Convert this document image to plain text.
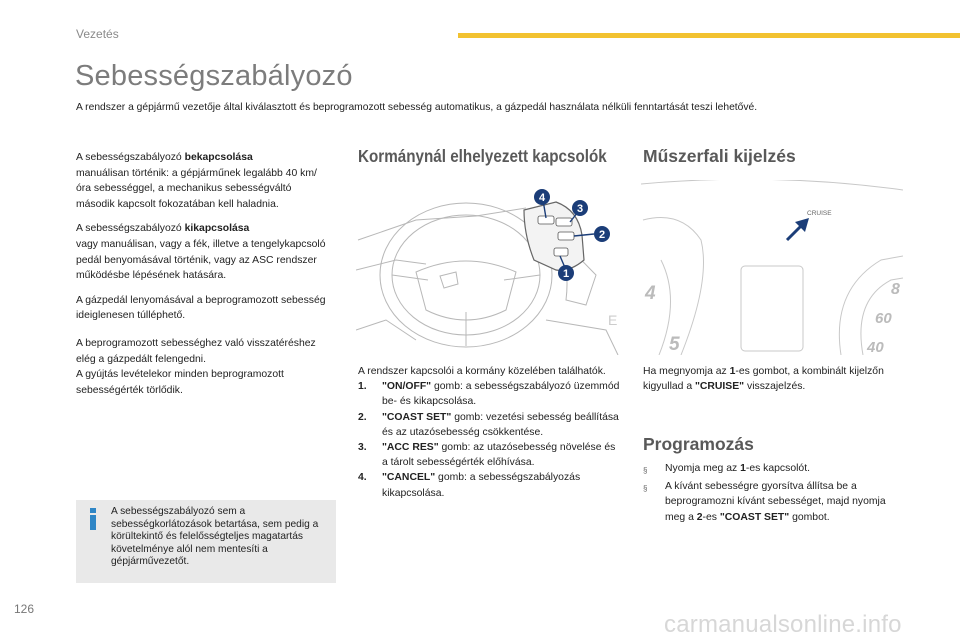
Vezetés
Sebességszabályozó

A rendszer a gépjármű vezetője által kiválasztott és beprogramozott sebesség automatikus, a gázpedál használata nélküli fenntartását teszi lehetővé.

A sebességszabályozó bekapcsolása
manuálisan történik: a gépjárműnek legalább 40 km/óra sebességgel, a mechanikus sebességváltó második kapcsolt fokozatában kell haladnia.

A sebességszabályozó kikapcsolása
vagy manuálisan, vagy a fék, illetve a tengelykapcsoló pedál benyomásával történik, vagy az ASC rendszer működésbe lépésének hatására.

A gázpedál lenyomásával a beprogramozott sebesség ideiglenesen túlléphető.

A beprogramozott sebességhez való visszatéréshez elég a gázpedált felengedni.
A gyújtás levételekor minden beprogramozott sebességérték törlődik.

A sebességszabályozó sem a sebességkorlátozások betartása, sem pedig a körültekintő és felelősségteljes magatartás követelménye alól nem mentesíti a gépjárművezetőt.

Kormánynál elhelyezett kapcsolók Műszerfali kijelzés
E
4
3
2
1
4
5
8
60
40
CRUISE

A rendszer kapcsolói a kormány közelében találhatók.

1.	"ON/OFF" gomb: a sebességszabályozó üzemmód be- és kikapcsolása.
2.	"COAST SET" gomb: vezetési sebesség beállítása és az utazósebesség csökkentése.
3.	"ACC RES" gomb: az utazósebesség növelése és a tárolt sebességérték előhívása.
4.	"CANCEL" gomb: a sebességszabályozás kikapcsolása.

Ha megnyomja az 1-es gombot, a kombinált kijelzőn kigyullad a "CRUISE" visszajelzés.

Programozás
§	Nyomja meg az 1-es kapcsolót.
§	A kívánt sebességre gyorsítva állítsa be a beprogramozni kívánt sebességet, majd nyomja meg a 2-es "COAST SET" gombot.
126
carmanualsonline.info
